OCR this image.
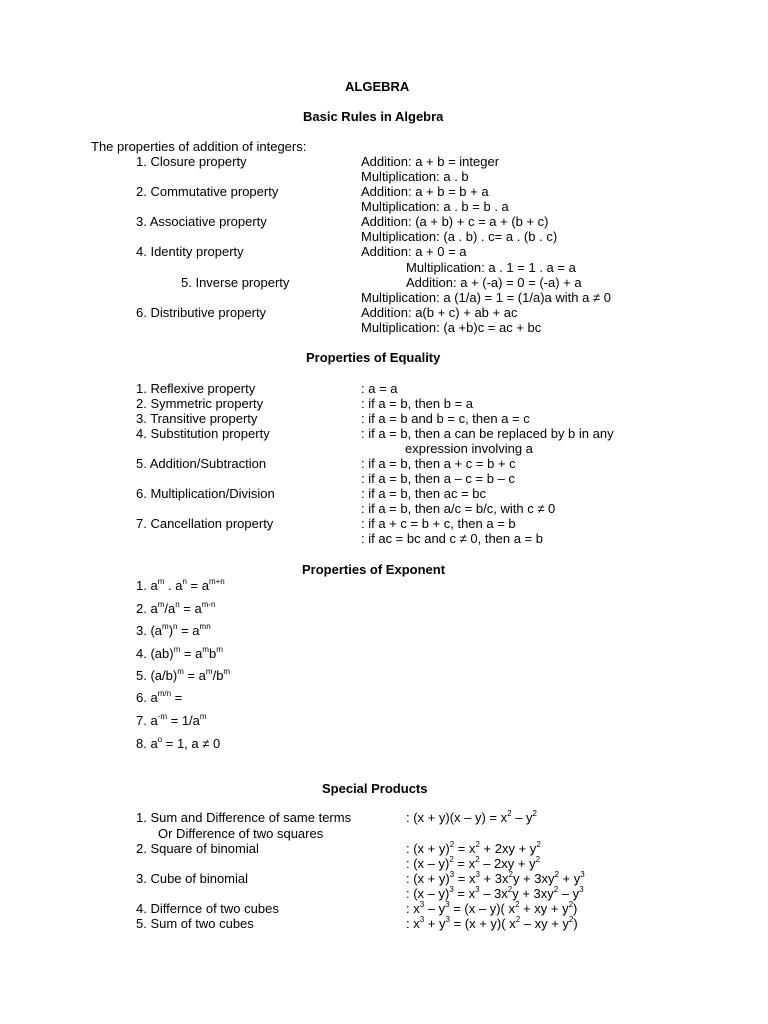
ALGEBRA
Basic Rules in Algebra
The properties of addition of integers:
1. Closure property	Addition: a + b = integer
Multiplication: a . b
2. Commutative property	Addition: a + b = b + a
Multiplication: a . b = b . a
3. Associative property	Addition: (a + b) + c = a + (b + c)
Multiplication: (a . b) . c= a . (b . c)
4. Identity property	Addition: a + 0 = a
Multiplication: a . 1 = 1 . a = a
5. Inverse property	Addition: a + (-a) = 0 = (-a) + a
Multiplication: a (1/a) = 1 = (1/a)a with a ≠ 0
6. Distributive property	Addition: a(b + c) + ab + ac
Multiplication: (a +b)c = ac + bc
Properties of Equality
1. Reflexive property	: a = a
2. Symmetric property	: if a = b, then b = a
3. Transitive property	: if a = b and b = c, then a = c
4. Substitution property	: if a = b, then a can be replaced by b in any
expression involving a
5. Addition/Subtraction	: if a = b, then a + c = b + c
: if a = b, then a – c = b – c
6. Multiplication/Division	: if a = b, then ac = bc
: if a = b, then a/c = b/c, with c ≠ 0
7. Cancellation property	: if a + c = b + c, then a = b
: if ac = bc and c ≠ 0, then a = b
Properties of Exponent
1. $a^m$ . $a^n = a^{m+n}$
2. $a^m/a^n = a^{m-n}$
3. $(a^m)^n = a^{mn}$
4. $(ab)^m = a^mb^m$
5. $(a/b)^m = a^m/b^m$
6. $a^{m/n}$ =
7. $a^{-m} = 1/a^m$
8. $a^o = 1$, a ≠ 0
Special Products
1. Sum and Difference of same terms
Or Difference of two squares
: $(x + y)(x - y) = x^2 - y^2$
2. Square of binomial	: $(x + y)^2 = x^2 + 2xy + y^2$
: $(x - y)^2 = x^2 - 2xy + y^2$
3. Cube of binomial	: $(x + y)^3 = x^3 + 3x^2y + 3xy^2 + y^3$
: $(x - y)^3 = x^3 - 3x^2y + 3xy^2 - y^3$
4. Differnce of two cubes	: $x^3 - y^3 = (x - y)$( $x^2$ + xy + $y^2$)
5. Sum of two cubes	: $x^3 + y^3 = (x + y)$( $x^2$ – xy + $y^2$)
